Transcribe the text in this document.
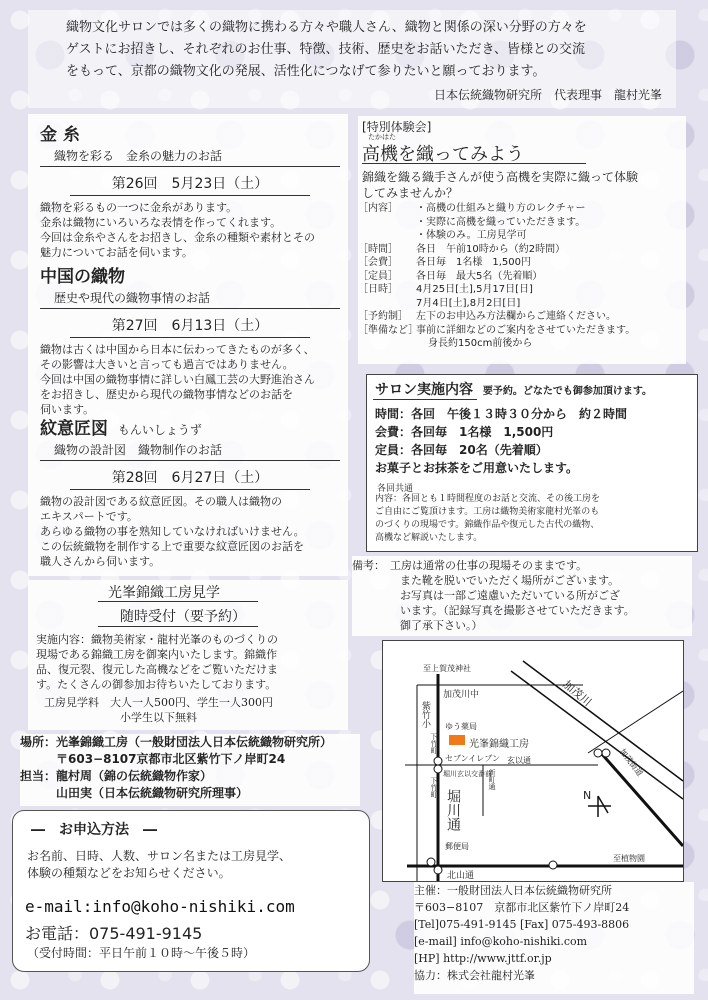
織物文化サロンでは多くの織物に携わる方々や職人さん、織物と関係の深い分野の方々を

ゲストにお招きし、それぞれのお仕事、特徴、技術、歴史をお話いただき、皆様との交流

をもって、京都の織物文化の発展、活性化につなげて参りたいと願っております。

日本伝統織物研究所　代表理事　龍村光峯

金 糸
織物を彩る　金糸の魅力のお話
第26回　5月23日（土）

織物を彩るもの一つに金糸があります。

金糸は織物にいろいろな表情を作ってくれます。

今回は金糸やさんをお招きし、金糸の種類や素材とその

魅力についてお話を伺います。

中国の織物
歴史や現代の織物事情のお話
第27回　6月13日（土）

織物は古くは中国から日本に伝わってきたものが多く、

その影響は大きいと言っても過言ではありません。

今回は中国の織物事情に詳しい白鳳工芸の大野進治さん

をお招きし、歴史から現代の織物事情などのお話を

伺います。

紋意匠図 もんいしょうず
織物の設計図　織物制作のお話
第28回　6月27日（土）

織物の設計図である紋意匠図。その職人は織物の

エキスパートです。

あらゆる織物の事を熟知していなければいけません。

この伝統織物を制作する上で重要な紋意匠図のお話を

職人さんから伺います。

光峯錦織工房見学
随時受付（要予約）

実施内容：織物美術家・龍村光峯のものづくりの

現場である錦織工房を御案内いたします。錦織作

品、復元裂、復元した高機などをご覧いただけま

す。たくさんの御参加お待ちいたしております。

工房見学料　大人一人500円、学生一人300円

小学生以下無料

場所： 光峯錦織工房（一般財団法人日本伝統織物研究所）
〒603−8107京都市北区紫竹下ノ岸町24
担当： 龍村周（錦の伝統織物作家）
山田実（日本伝統織物研究所理事）
―　お申込方法　―

お名前、日時、人数、サロン名または工房見学、

体験の種類などをお知らせください。

e-mail:info@koho-nishiki.com

お電話：075-491-9145

（受付時間：平日午前１０時〜午後５時）

[特別体験会]
たかはた
高機を織ってみよう

錦織を織る織手さんが使う高機を実際に織って体験

してみませんか？

［内容］	・高機の仕組みと織り方のレクチャー

・実際に高機を織っていただきます。

・体験のみ。工房見学可

［時間］	各日　午前10時から（約2時間）

［会費］	各日毎　1名様　1,500円

［定員］	各日毎　最大5名（先着順）

［日時］	4月25日[土],5月17日[日]

7月4日[土],8月2日[日]

［予約制］ 左下のお申込み方法欄からご連絡ください。

［準備など］

事前に詳細などのご案内をさせていただきます。

身長約150cm前後から

サロン実施内容 要予約。どなたでも御参加頂けます。

時間：各回　午後１３時３０分から　約２時間

会費：各回毎　1名様　1,500円

定員：各回毎　20名（先着順）

お菓子とお抹茶をご用意いたします。

各回共通

内容：各回とも１時間程度のお話と交流、その後工房を

ご自由にご覧頂けます。工房は織物美術家龍村光峯のも

のづくりの現場です。錦織作品や復元した古代の織物、

高機など解説いたします。

備考： 工房は通常の仕事の現場そのままです。

また靴を脱いでいただく場所がございます。

お写真は一部ご遠慮いただいている所がござ

います。（記録写真を撮影させていただきます。

御了承下さい。）

至上賀茂神社
加茂川中	加茂川
紫竹小 ゆう薬局
下竹町	光峯錦織工房
セブンイレブン 玄以通
堀川玄以交番前
下竹町	新町通
加茂街道
N
堀川通
郵便局
北山通
至植物園

主催：一般財団法人日本伝統織物研究所

〒603−8107　京都市北区紫竹下ノ岸町24

[Tel]075-491-9145 [Fax] 075-493-8806

[e-mail] info@koho-nishiki.com

[HP] http://www.jttf.or.jp

協力：株式会社龍村光峯
